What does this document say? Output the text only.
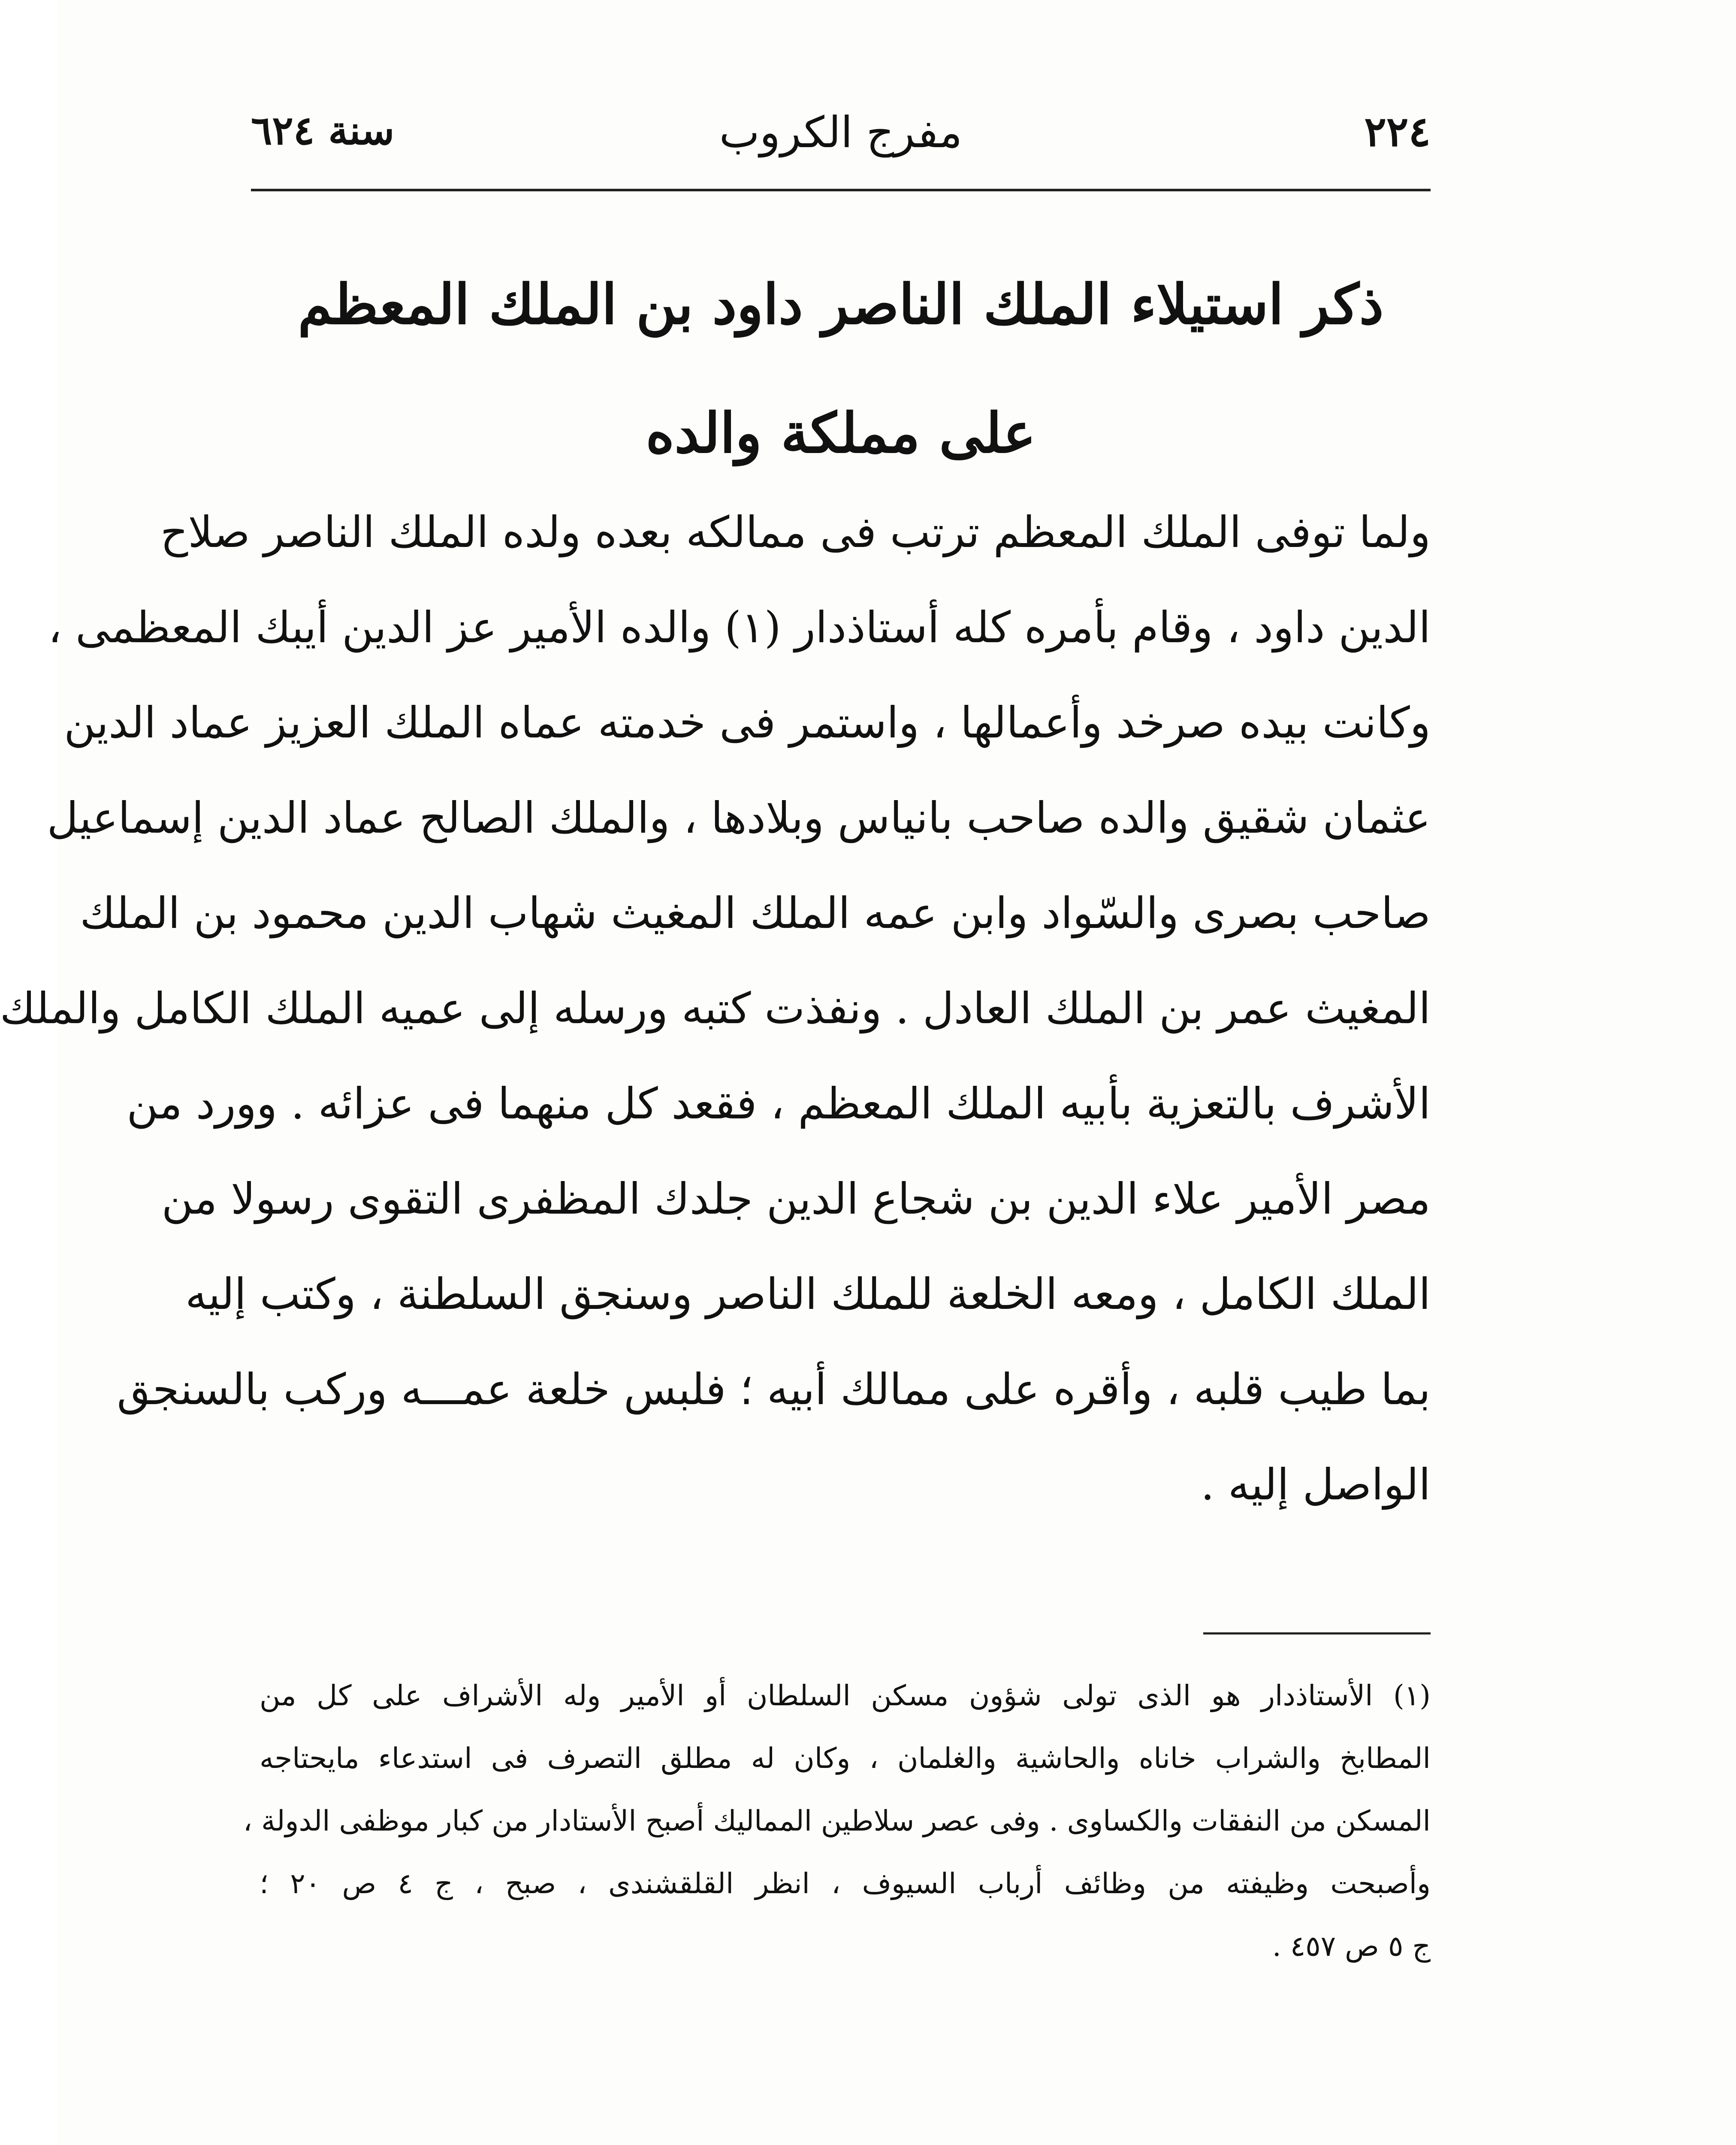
٢٢٤
مفرج الكروب
سنة ٦٢٤
ذكر استيلاء الملك الناصر داود بن الملك المعظم
على مملكة والده
ولما توفى الملك المعظم ترتب فى ممالكه بعده ولده الملك الناصر صلاح
الدين داود ، وقام بأمره كله أستاذدار (١) والده الأمير عز الدين أيبك المعظمى ،
وكانت بيده صرخد وأعمالها ، واستمر فى خدمته عماه الملك العزيز عماد الدين
عثمان شقيق والده صاحب بانياس وبلادها ، والملك الصالح عماد الدين إسماعيل
صاحب بصرى والسّواد وابن عمه الملك المغيث شهاب الدين محمود بن الملك
المغيث عمر بن الملك العادل . ونفذت كتبه ورسله إلى عميه الملك الكامل والملك
الأشرف بالتعزية بأبيه الملك المعظم ، فقعد كل منهما فى عزائه . وورد من
مصر الأمير علاء الدين بن شجاع الدين جلدك المظفرى التقوى رسولا من
الملك الكامل ، ومعه الخلعة للملك الناصر وسنجق السلطنة ، وكتب إليه
بما طيب قلبه ، وأقره على ممالك أبيه ؛ فلبس خلعة عمـــه وركب بالسنجق
الواصل إليه .
(١) الأستاذدار هو الذى تولى شؤون مسكن السلطان أو الأمير وله الأشراف على كل من
المطابخ والشراب خاناه والحاشية والغلمان ، وكان له مطلق التصرف فى استدعاء مايحتاجه
المسكن من النفقات والكساوى . وفى عصر سلاطين المماليك أصبح الأستادار من كبار موظفى الدولة ،
وأصبحت وظيفته من وظائف أرباب السيوف ، انظر القلقشندى ، صبح ، ج ٤ ص ٢٠ ؛
ج ٥ ص ٤٥٧ .
